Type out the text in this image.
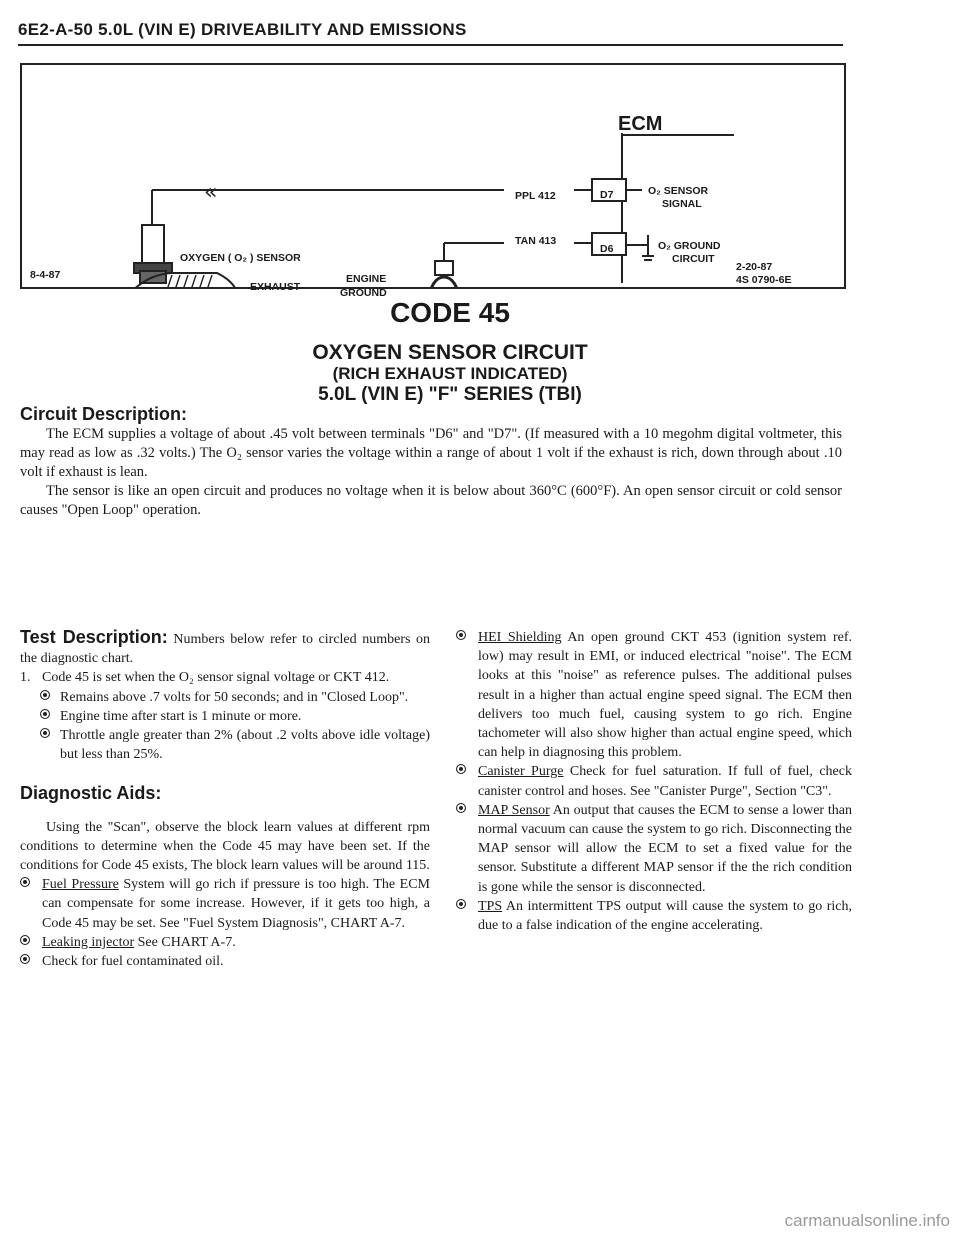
6E2-A-50 5.0L (VIN E) DRIVEABILITY AND EMISSIONS
«
ECM
PPL 412	D7	O₂ SENSOR
SIGNAL
TAN 413
D6	O₂ GROUND
CIRCUIT
OXYGEN ( O₂ ) SENSOR
EXHAUST
ENGINE
GROUND
8-4-87
2-20-87
4S 0790-6E
CODE 45
OXYGEN SENSOR CIRCUIT
(RICH EXHAUST INDICATED)
5.0L (VIN E) "F" SERIES (TBI)
Circuit Description:

The ECM supplies a voltage of about .45 volt between terminals "D6" and "D7". (If measured with a 10 megohm digital voltmeter, this may read as low as .32 volts.) The O₂ sensor varies the voltage within a range of about 1 volt if the exhaust is rich, down through about .10 volt if exhaust is lean.

The sensor is like an open circuit and produces no voltage when it is below about 360°C (600°F). An open sensor circuit or cold sensor causes "Open Loop" operation.

Test Description: Numbers below refer to circled numbers on the diagnostic chart.
1. Code 45 is set when the O₂ sensor signal voltage or CKT 412.
Remains above .7 volts for 50 seconds; and in "Closed Loop".
Engine time after start is 1 minute or more.
Throttle angle greater than 2% (about .2 volts above idle voltage) but less than 25%.
Diagnostic Aids:
Using the "Scan", observe the block learn values at different rpm conditions to determine when the Code 45 may have been set. If the conditions for Code 45 exists, The block learn values will be around 115.
Fuel Pressure System will go rich if pressure is too high. The ECM can compensate for some increase. However, if it gets too high, a Code 45 may be set. See "Fuel System Diagnosis", CHART A-7.
Leaking injector See CHART A-7.
Check for fuel contaminated oil.
HEI Shielding An open ground CKT 453 (ignition system ref. low) may result in EMI, or induced electrical "noise". The ECM looks at this "noise" as reference pulses. The additional pulses result in a higher than actual engine speed signal. The ECM then delivers too much fuel, causing system to go rich. Engine tachometer will also show higher than actual engine speed, which can help in diagnosing this problem.
Canister Purge Check for fuel saturation. If full of fuel, check canister control and hoses. See "Canister Purge", Section "C3".
MAP Sensor An output that causes the ECM to sense a lower than normal vacuum can cause the system to go rich. Disconnecting the MAP sensor will allow the ECM to set a fixed value for the sensor. Substitute a different MAP sensor if the the rich condition is gone while the sensor is disconnected.
TPS An intermittent TPS output will cause the system to go rich, due to a false indication of the engine accelerating.
carmanualsonline.info
